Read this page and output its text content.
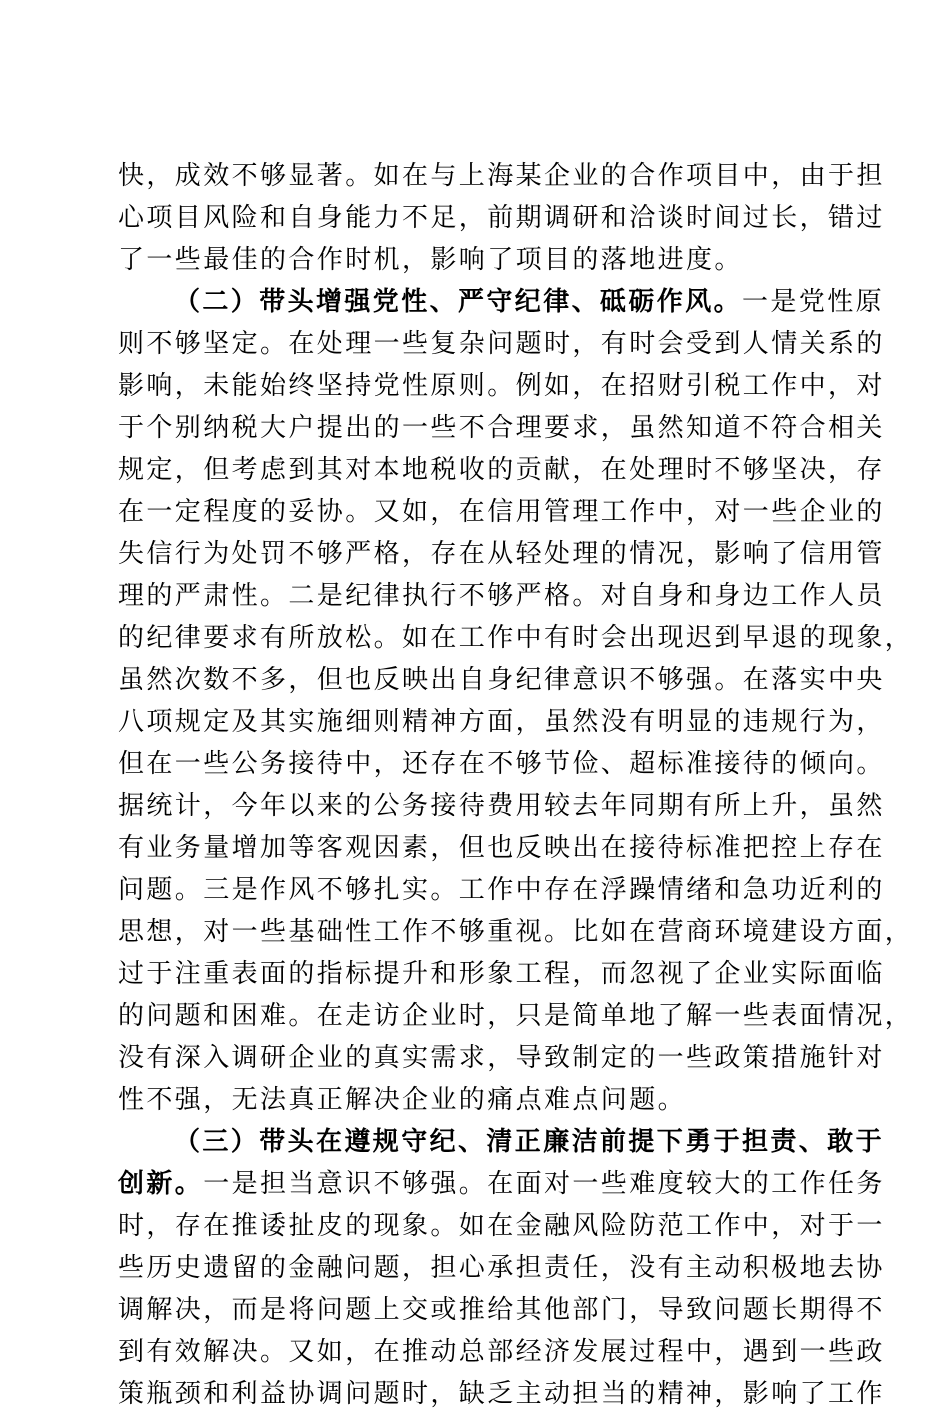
快，成效不够显著。如在与上海某企业的合作项目中，由于担
心项目风险和自身能力不足，前期调研和洽谈时间过长，错过
了一些最佳的合作时机，影响了项目的落地进度。
（二）带头增强党性、严守纪律、砥砺作风。一是党性原
则不够坚定。在处理一些复杂问题时，有时会受到人情关系的
影响，未能始终坚持党性原则。例如，在招财引税工作中，对
于个别纳税大户提出的一些不合理要求，虽然知道不符合相关
规定，但考虑到其对本地税收的贡献，在处理时不够坚决，存
在一定程度的妥协。又如，在信用管理工作中，对一些企业的
失信行为处罚不够严格，存在从轻处理的情况，影响了信用管
理的严肃性。二是纪律执行不够严格。对自身和身边工作人员
的纪律要求有所放松。如在工作中有时会出现迟到早退的现象，
虽然次数不多，但也反映出自身纪律意识不够强。在落实中央
八项规定及其实施细则精神方面，虽然没有明显的违规行为，
但在一些公务接待中，还存在不够节俭、超标准接待的倾向。
据统计，今年以来的公务接待费用较去年同期有所上升，虽然
有业务量增加等客观因素，但也反映出在接待标准把控上存在
问题。三是作风不够扎实。工作中存在浮躁情绪和急功近利的
思想，对一些基础性工作不够重视。比如在营商环境建设方面，
过于注重表面的指标提升和形象工程，而忽视了企业实际面临
的问题和困难。在走访企业时，只是简单地了解一些表面情况，
没有深入调研企业的真实需求，导致制定的一些政策措施针对
性不强，无法真正解决企业的痛点难点问题。
（三）带头在遵规守纪、清正廉洁前提下勇于担责、敢于
创新。一是担当意识不够强。在面对一些难度较大的工作任务
时，存在推诿扯皮的现象。如在金融风险防范工作中，对于一
些历史遗留的金融问题，担心承担责任，没有主动积极地去协
调解决，而是将问题上交或推给其他部门，导致问题长期得不
到有效解决。又如，在推动总部经济发展过程中，遇到一些政
策瓶颈和利益协调问题时，缺乏主动担当的精神，影响了工作
